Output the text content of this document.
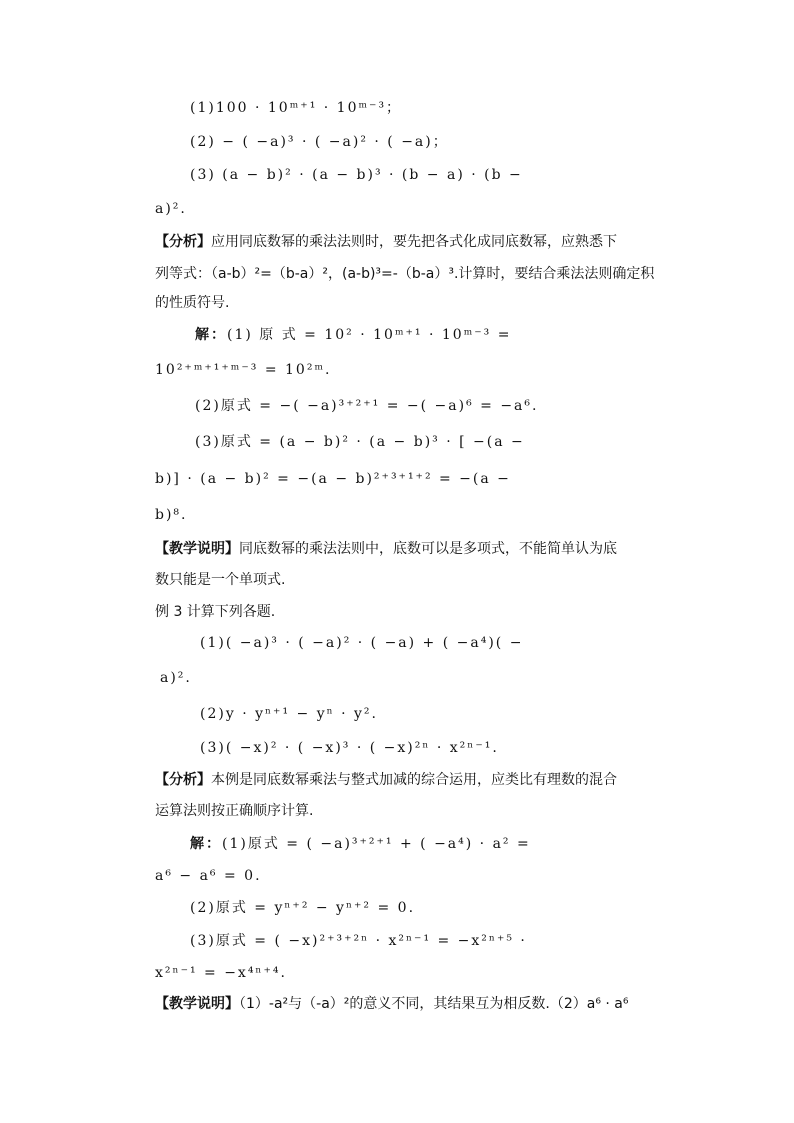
(1)100 · 10ᵐ⁺¹ · 10ᵐ⁻³；
(2) − ( −a)³ · ( −a)² · ( −a)；
(3) (a − b)² · (a − b)³ · (b − a) · (b −
a)².
【分析】应用同底数幂的乘法法则时，要先把各式化成同底数幂，应熟悉下
列等式：（a-b）²=（b-a）²，(a-b)³=-（b-a）³.计算时，要结合乘法法则确定积
的性质符号.
解：(1) 原 式 = 10² · 10ᵐ⁺¹ · 10ᵐ⁻³ =
10²⁺ᵐ⁺¹⁺ᵐ⁻³ = 10²ᵐ.
(2)原式 = −( −a)³⁺²⁺¹ = −( −a)⁶ = −a⁶.
(3)原式 = (a − b)² · (a − b)³ · [ −(a −
b)] · (a − b)² = −(a − b)²⁺³⁺¹⁺² = −(a −
b)⁸.
【教学说明】同底数幂的乘法法则中，底数可以是多项式，不能简单认为底
数只能是一个单项式.
例 3 计算下列各题.
(1)( −a)³ · ( −a)² · ( −a) + ( −a⁴)( −
a)².
(2)y · yⁿ⁺¹ − yⁿ · y².
(3)( −x)² · ( −x)³ · ( −x)²ⁿ · x²ⁿ⁻¹.
【分析】本例是同底数幂乘法与整式加减的综合运用，应类比有理数的混合
运算法则按正确顺序计算.
解：(1)原式 = ( −a)³⁺²⁺¹ + ( −a⁴) · a² =
a⁶ − a⁶ = 0.
(2)原式 = yⁿ⁺² − yⁿ⁺² = 0.
(3)原式 = ( −x)²⁺³⁺²ⁿ · x²ⁿ⁻¹ = −x²ⁿ⁺⁵ ·
x²ⁿ⁻¹ = −x⁴ⁿ⁺⁴.
【教学说明】（1）-a²与（-a）²的意义不同，其结果互为相反数.（2）a⁶ · a⁶
